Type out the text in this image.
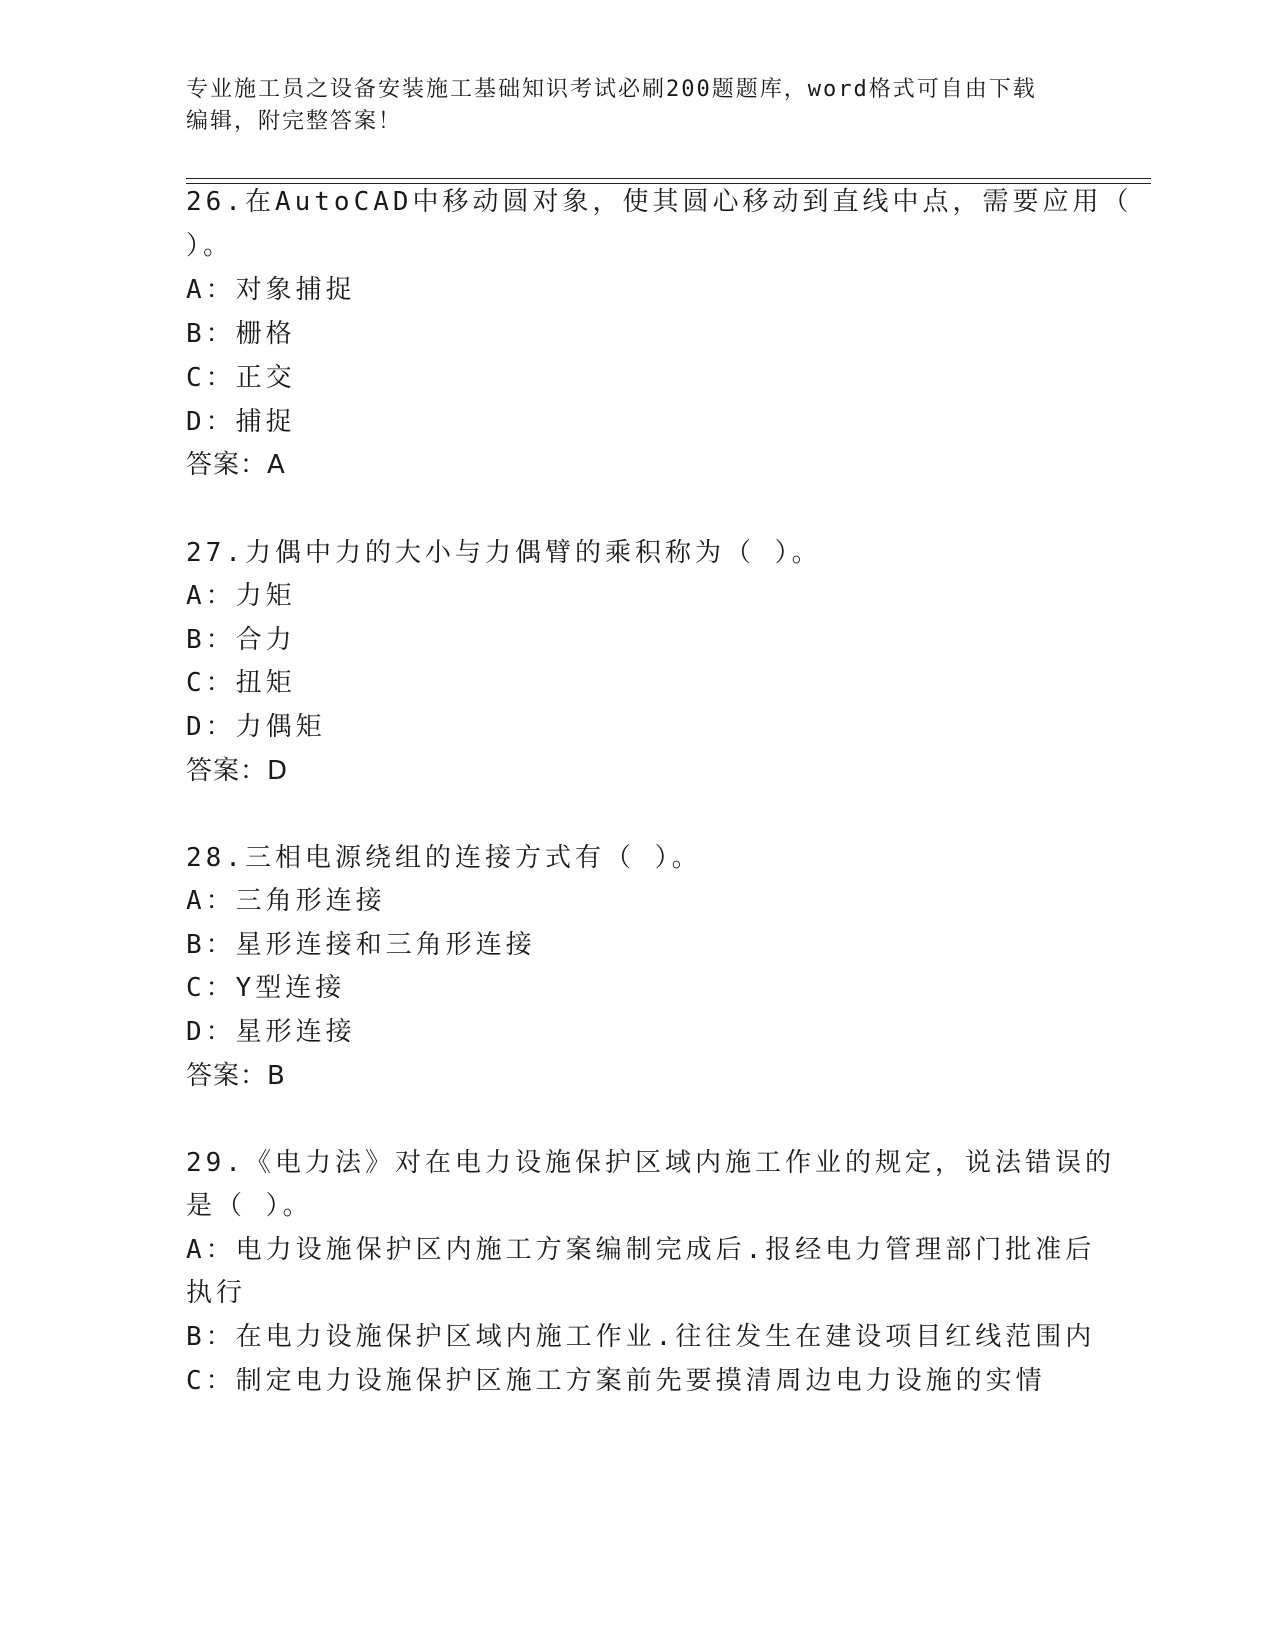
专业施工员之设备安装施工基础知识考试必刷200题题库，word格式可自由下载
编辑，附完整答案！
26.在AutoCAD中移动圆对象，使其圆心移动到直线中点，需要应用（
）。
A：对象捕捉
B：栅格
C：正交
D：捕捉
答案：A
27.力偶中力的大小与力偶臂的乘积称为（ ）。
A：力矩
B：合力
C：扭矩
D：力偶矩
答案：D
28.三相电源绕组的连接方式有（ ）。
A：三角形连接
B：星形连接和三角形连接
C：Y型连接
D：星形连接
答案：B
29.《电力法》对在电力设施保护区域内施工作业的规定，说法错误的
是（ ）。
A：电力设施保护区内施工方案编制完成后.报经电力管理部门批准后
执行
B：在电力设施保护区域内施工作业.往往发生在建设项目红线范围内
C：制定电力设施保护区施工方案前先要摸清周边电力设施的实情
